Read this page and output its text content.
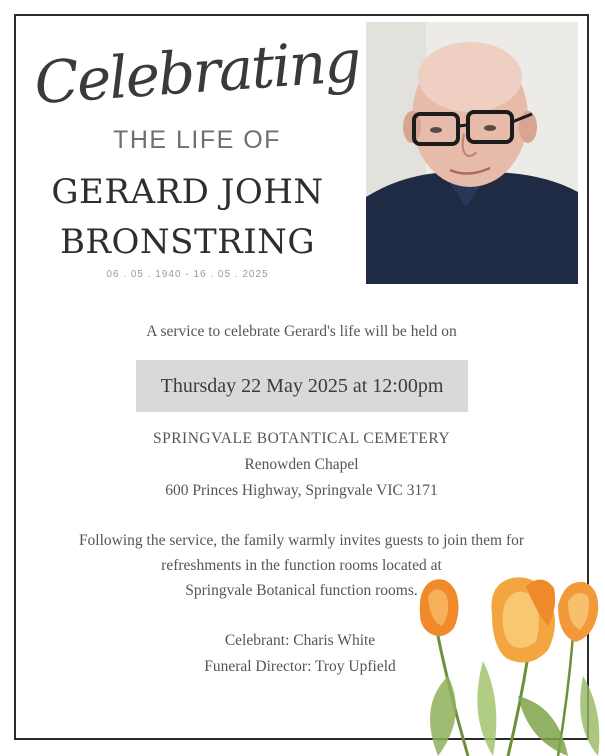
Celebrating
THE LIFE OF
GERARD JOHN
BRONSTRING
06 . 05 . 1940 - 16 . 05 . 2025
A service to celebrate Gerard's life will be held on
Thursday 22 May 2025 at 12:00pm
SPRINGVALE BOTANTICAL CEMETERY
Renowden Chapel
600 Princes Highway, Springvale VIC 3171
Following the service, the family warmly invites guests to join them for
refreshments in the function rooms located at
Springvale Botanical function rooms.
Celebrant: Charis White
Funeral Director: Troy Upfield
